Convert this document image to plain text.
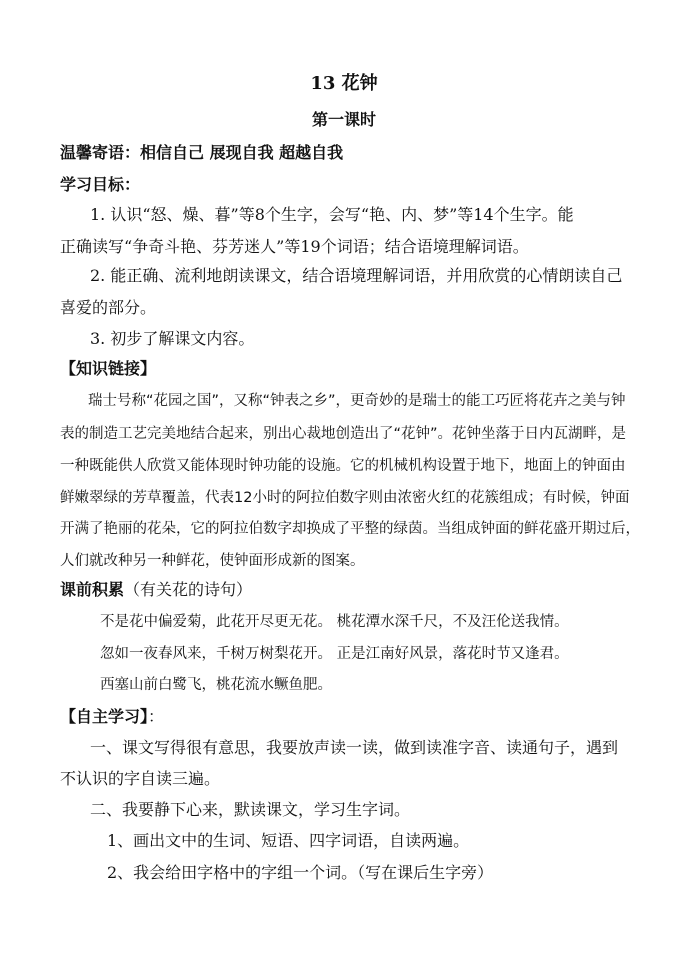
13 花钟
第一课时
温馨寄语：相信自己 展现自我 超越自我
学习目标：
1. 认识“怒、燥、暮”等8个生字，会写“艳、内、梦”等14个生字。能
正确读写“争奇斗艳、芬芳迷人”等19个词语；结合语境理解词语。
2. 能正确、流利地朗读课文，结合语境理解词语，并用欣赏的心情朗读自己
喜爱的部分。
3. 初步了解课文内容。
【知识链接】
瑞士号称“花园之国”，又称“钟表之乡”，更奇妙的是瑞士的能工巧匠将花卉之美与钟
表的制造工艺完美地结合起来，别出心裁地创造出了“花钟”。花钟坐落于日内瓦湖畔，是
一种既能供人欣赏又能体现时钟功能的设施。它的机械机构设置于地下，地面上的钟面由
鲜嫩翠绿的芳草覆盖，代表12小时的阿拉伯数字则由浓密火红的花簇组成；有时候，钟面
开满了艳丽的花朵，它的阿拉伯数字却换成了平整的绿茵。当组成钟面的鲜花盛开期过后，
人们就改种另一种鲜花，使钟面形成新的图案。
课前积累（有关花的诗句）
不是花中偏爱菊，此花开尽更无花。 桃花潭水深千尺，不及汪伦送我情。
忽如一夜春风来，千树万树梨花开。 正是江南好风景，落花时节又逢君。
西塞山前白鹭飞，桃花流水鳜鱼肥。
【自主学习】：
一、课文写得很有意思，我要放声读一读，做到读准字音、读通句子，遇到
不认识的字自读三遍。
二、我要静下心来，默读课文，学习生字词。
1、画出文中的生词、短语、四字词语，自读两遍。
2、我会给田字格中的字组一个词。（写在课后生字旁）
